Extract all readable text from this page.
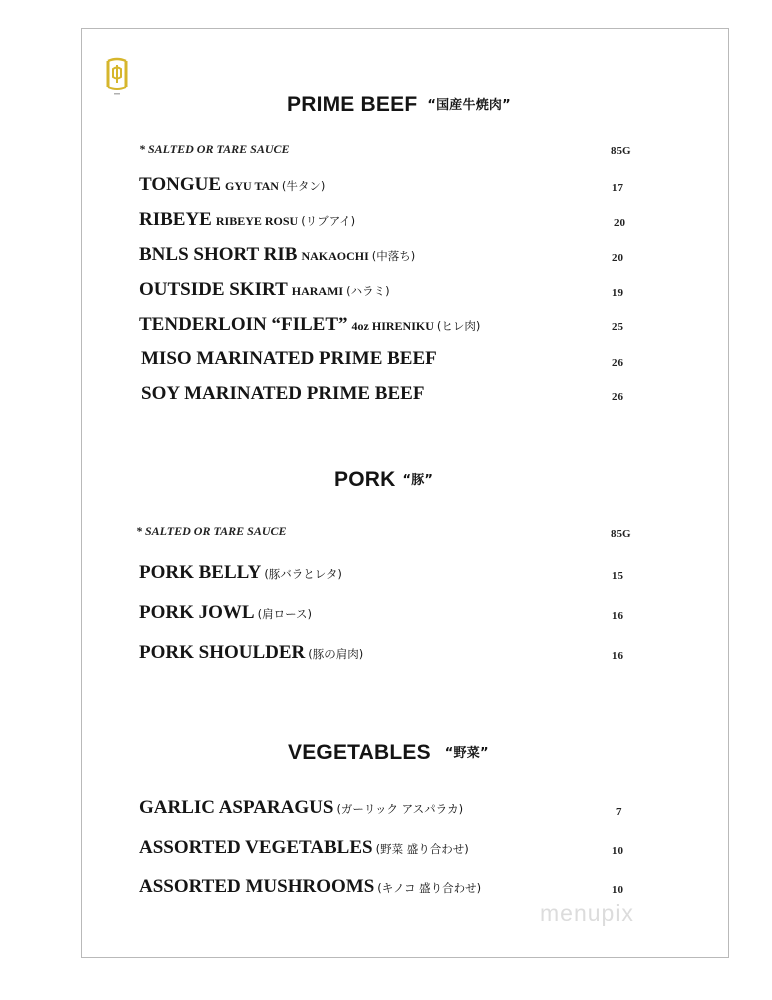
PRIME BEEF “国産牛焼肉”
* SALTED OR TARE SAUCE	85G
TONGUE GYU TAN (牛タン)	17
RIBEYE RIBEYE ROSU (リブアイ)	20
BNLS SHORT RIB NAKAOCHI (中落ち)	20
OUTSIDE SKIRT HARAMI (ハラミ)	19
TENDERLOIN “FILET” 4oz HIRENIKU (ヒレ肉)	25
MISO MARINATED PRIME BEEF	26
SOY MARINATED PRIME BEEF	26
PORK “豚”
* SALTED OR TARE SAUCE	85G
PORK BELLY (豚バラとレタ)	15
PORK JOWL (肩ロース)	16
PORK SHOULDER (豚の肩肉)	16
VEGETABLES “野菜”
GARLIC ASPARAGUS (ガーリック アスパラカ)	7
ASSORTED VEGETABLES (野菜 盛り合わせ)	10
ASSORTED MUSHROOMS (キノコ 盛り合わせ)	10
menupix
